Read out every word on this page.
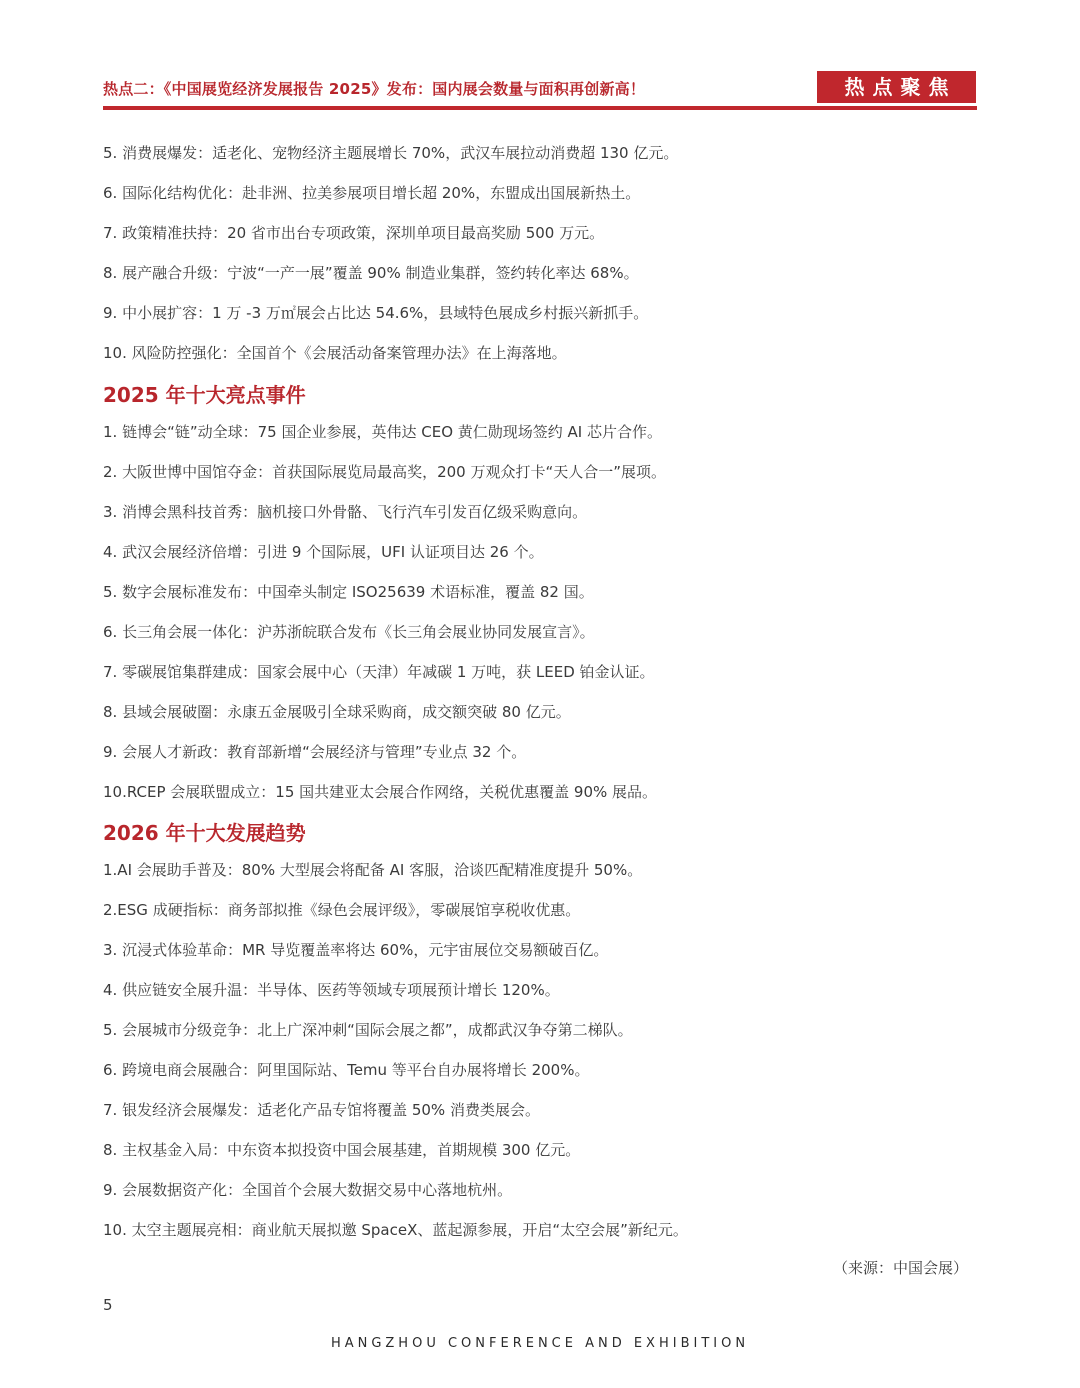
热点二：《中国展览经济发展报告 2025》发布：国内展会数量与面积再创新高！	热点聚焦
5. 消费展爆发：适老化、宠物经济主题展增长 70%，武汉车展拉动消费超 130 亿元。
6. 国际化结构优化：赴非洲、拉美参展项目增长超 20%，东盟成出国展新热土。
7. 政策精准扶持：20 省市出台专项政策，深圳单项目最高奖励 500 万元。
8. 展产融合升级：宁波“一产一展”覆盖 90% 制造业集群，签约转化率达 68%。
9. 中小展扩容：1 万 -3 万㎡展会占比达 54.6%，县域特色展成乡村振兴新抓手。
10. 风险防控强化：全国首个《会展活动备案管理办法》在上海落地。
2025 年十大亮点事件
1. 链博会“链”动全球：75 国企业参展，英伟达 CEO 黄仁勋现场签约 AI 芯片合作。
2. 大阪世博中国馆夺金：首获国际展览局最高奖，200 万观众打卡“天人合一”展项。
3. 消博会黑科技首秀：脑机接口外骨骼、飞行汽车引发百亿级采购意向。
4. 武汉会展经济倍增：引进 9 个国际展，UFI 认证项目达 26 个。
5. 数字会展标准发布：中国牵头制定 ISO25639 术语标准，覆盖 82 国。
6. 长三角会展一体化：沪苏浙皖联合发布《长三角会展业协同发展宣言》。
7. 零碳展馆集群建成：国家会展中心（天津）年减碳 1 万吨，获 LEED 铂金认证。
8. 县域会展破圈：永康五金展吸引全球采购商，成交额突破 80 亿元。
9. 会展人才新政：教育部新增“会展经济与管理”专业点 32 个。
10.RCEP 会展联盟成立：15 国共建亚太会展合作网络，关税优惠覆盖 90% 展品。
2026 年十大发展趋势
1.AI 会展助手普及：80% 大型展会将配备 AI 客服，洽谈匹配精准度提升 50%。
2.ESG 成硬指标：商务部拟推《绿色会展评级》，零碳展馆享税收优惠。
3. 沉浸式体验革命：MR 导览覆盖率将达 60%，元宇宙展位交易额破百亿。
4. 供应链安全展升温：半导体、医药等领域专项展预计增长 120%。
5. 会展城市分级竞争：北上广深冲刺“国际会展之都”，成都武汉争夺第二梯队。
6. 跨境电商会展融合：阿里国际站、Temu 等平台自办展将增长 200%。
7. 银发经济会展爆发：适老化产品专馆将覆盖 50% 消费类展会。
8. 主权基金入局：中东资本拟投资中国会展基建，首期规模 300 亿元。
9. 会展数据资产化：全国首个会展大数据交易中心落地杭州。
10. 太空主题展亮相：商业航天展拟邀 SpaceX、蓝起源参展，开启“太空会展”新纪元。
（来源：中国会展）
5
HANGZHOU CONFERENCE AND EXHIBITION
